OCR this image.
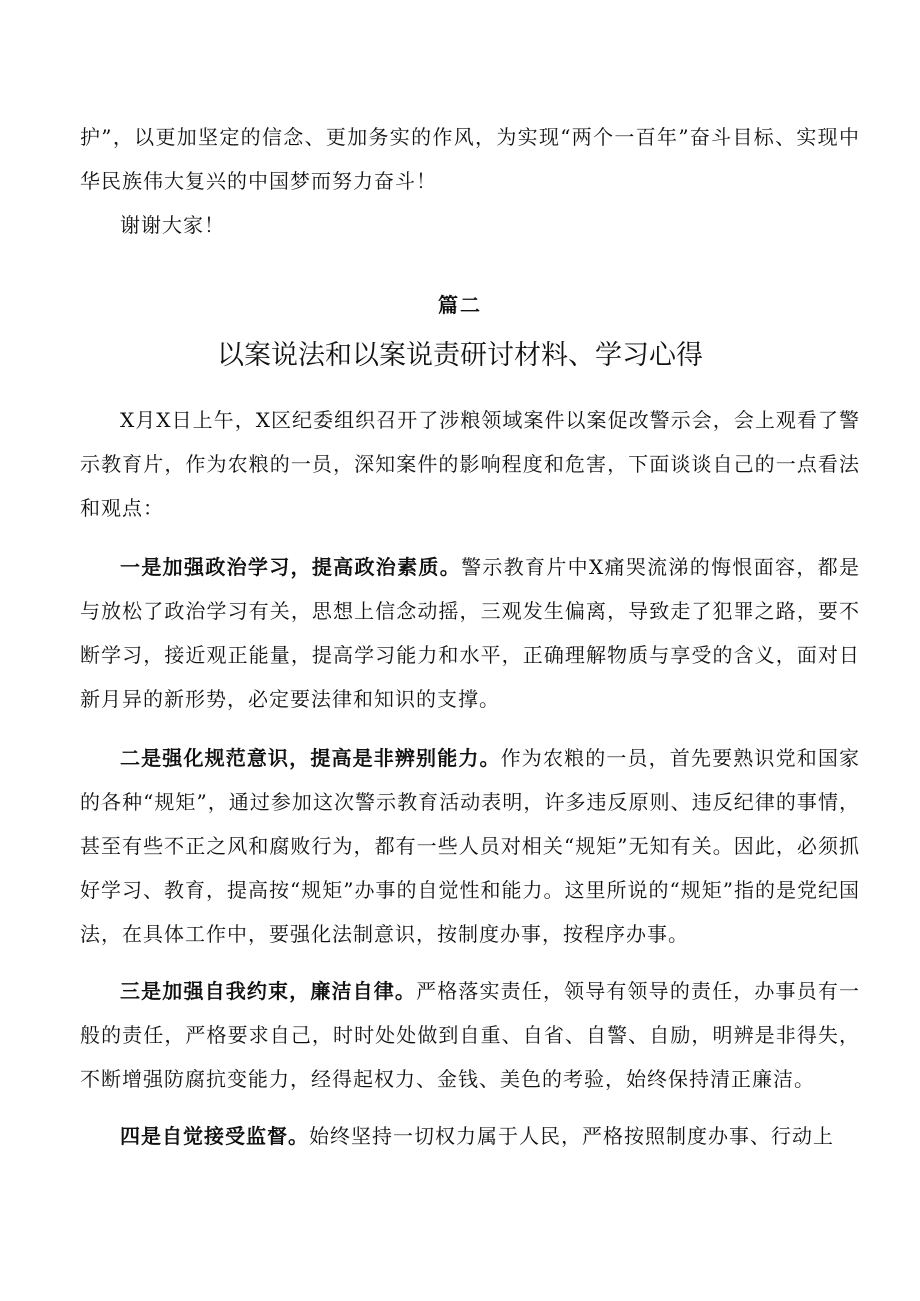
护”，以更加坚定的信念、更加务实的作风，为实现“两个一百年”奋斗目标、实现中华民族伟大复兴的中国梦而努力奋斗！

谢谢大家！

篇二

以案说法和以案说责研讨材料、学习心得

X月X日上午，X区纪委组织召开了涉粮领域案件以案促改警示会，会上观看了警示教育片，作为农粮的一员，深知案件的影响程度和危害，下面谈谈自己的一点看法和观点：

一是加强政治学习，提高政治素质。警示教育片中X痛哭流涕的悔恨面容，都是与放松了政治学习有关，思想上信念动摇，三观发生偏离，导致走了犯罪之路，要不断学习，接近观正能量，提高学习能力和水平，正确理解物质与享受的含义，面对日新月异的新形势，必定要法律和知识的支撑。

二是强化规范意识，提高是非辨别能力。作为农粮的一员，首先要熟识党和国家的各种“规矩”，通过参加这次警示教育活动表明，许多违反原则、违反纪律的事情，甚至有些不正之风和腐败行为，都有一些人员对相关“规矩”无知有关。因此，必须抓好学习、教育，提高按“规矩”办事的自觉性和能力。这里所说的“规矩”指的是党纪国法，在具体工作中，要强化法制意识，按制度办事，按程序办事。

三是加强自我约束，廉洁自律。严格落实责任，领导有领导的责任，办事员有一般的责任，严格要求自己，时时处处做到自重、自省、自警、自励，明辨是非得失，不断增强防腐抗变能力，经得起权力、金钱、美色的考验，始终保持清正廉洁。

四是自觉接受监督。始终坚持一切权力属于人民，严格按照制度办事、行动上
